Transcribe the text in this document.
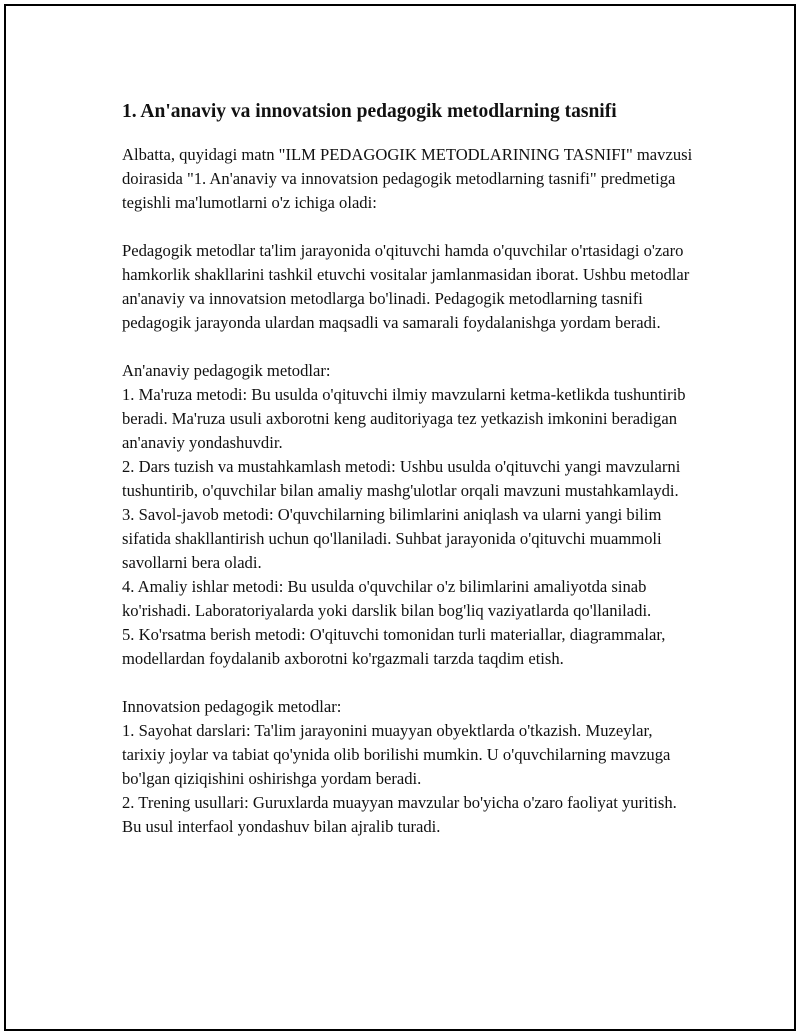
1. An'anaviy va innovatsion pedagogik metodlarning tasnifi

Albatta, quyidagi matn "ILM PEDAGOGIK METODLARINING TASNIFI" mavzusi doirasida "1. An'anaviy va innovatsion pedagogik metodlarning tasnifi" predmetiga tegishli ma'lumotlarni o'z ichiga oladi:

Pedagogik metodlar ta'lim jarayonida o'qituvchi hamda o'quvchilar o'rtasidagi o'zaro hamkorlik shakllarini tashkil etuvchi vositalar jamlanmasidan iborat. Ushbu metodlar an'anaviy va innovatsion metodlarga bo'linadi. Pedagogik metodlarning tasnifi pedagogik jarayonda ulardan maqsadli va samarali foydalanishga yordam beradi.

An'anaviy pedagogik metodlar:

1. Ma'ruza metodi: Bu usulda o'qituvchi ilmiy mavzularni ketma-ketlikda tushuntirib beradi. Ma'ruza usuli axborotni keng auditoriyaga tez yetkazish imkonini beradigan an'anaviy yondashuvdir.

2. Dars tuzish va mustahkamlash metodi: Ushbu usulda o'qituvchi yangi mavzularni tushuntirib, o'quvchilar bilan amaliy mashg'ulotlar orqali mavzuni mustahkamlaydi.

3. Savol-javob metodi: O'quvchilarning bilimlarini aniqlash va ularni yangi bilim sifatida shakllantirish uchun qo'llaniladi. Suhbat jarayonida o'qituvchi muammoli savollarni bera oladi.

4. Amaliy ishlar metodi: Bu usulda o'quvchilar o'z bilimlarini amaliyotda sinab ko'rishadi. Laboratoriyalarda yoki darslik bilan bog'liq vaziyatlarda qo'llaniladi.

5. Ko'rsatma berish metodi: O'qituvchi tomonidan turli materiallar, diagrammalar, modellardan foydalanib axborotni ko'rgazmali tarzda taqdim etish.

Innovatsion pedagogik metodlar:

1. Sayohat darslari: Ta'lim jarayonini muayyan obyektlarda o'tkazish. Muzeylar, tarixiy joylar va tabiat qo'ynida olib borilishi mumkin. U o'quvchilarning mavzuga bo'lgan qiziqishini oshirishga yordam beradi.

2. Trening usullari: Guruxlarda muayyan mavzular bo'yicha o'zaro faoliyat yuritish. Bu usul interfaol yondashuv bilan ajralib turadi.
